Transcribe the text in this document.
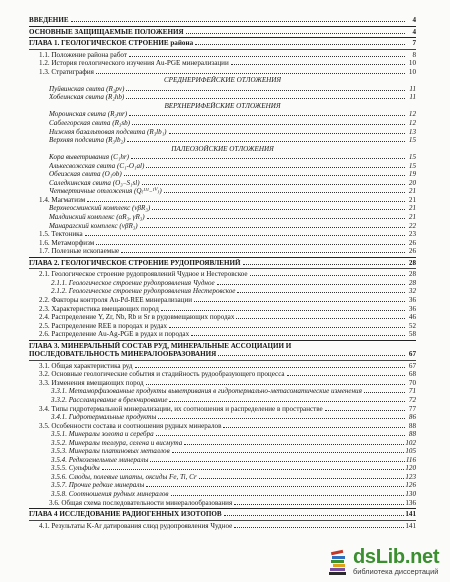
ВВЕДЕНИЕ	4
ОСНОВНЫЕ ЗАЩИЩАЕМЫЕ ПОЛОЖЕНИЯ	4
ГЛАВА 1. ГЕОЛОГИЧЕСКОЕ СТРОЕНИЕ района	7
1.1. Положение района работ	8
1.2. История геологического изучения Au-PGE минерализации	10
1.3. Стратиграфия	10
СРЕДНЕРИФЕЙСКИЕ ОТЛОЖЕНИЯ
Пуйвинская свита (R₂pv)	11
Хобеинская свита (R₂hb)	11
ВЕРХНЕРИФЕЙСКИЕ ОТЛОЖЕНИЯ
Мороинская свита (R₃mr)	12
Саблегорская свита (R₃sb)	12
Нижняя базальтовая подсвита (R₃lb₁)	13
Верхняя подсвита (R₃lb₂)	15
ПАЛЕОЗОЙСКИЕ ОТЛОЖЕНИЯ
Кора выветривания (C₁hr)	15
Алькесвожская свита (C₁-O₁al)	15
Обеизская свита (O₁ob)	19
Саледкинская свита (O₃₋S₁sl)	20
Четвертичные отложения (Q₍ᴵᴵᴵ₋ᴵⱽ₎)	21
1.4. Магматизм	21
Верхнеосминский комплекс (vβR₃)	21
Малдинский комплекс (αR₃, γR₃)	21
Манарагский комплекс (νβR₃)	22
1.5. Тектоника	23
1.6. Метаморфизм	26
1.7. Полезные ископаемые	26
ГЛАВА 2. ГЕОЛОГИЧЕСКОЕ СТРОЕНИЕ РУДОПРОЯВЛЕНИЙ	28
2.1. Геологическое строение рудопроявлений Чудное и Нестеровское	28
2.1.1. Геологическое строение рудопроявления Чудное	28
2.1.2. Геологическое строение рудопроявления Нестеровское	32
2.2. Факторы контроля Au-Pd-REE минерализации	36
2.3. Характеристика вмещающих пород	36
2.4. Распределение Y, Zr, Nb, Rb и Sr в рудовмещающих породах	46
2.5. Распределение REE в породах и рудах	52
2.6. Распределение Au-Ag-PGE в рудах и породах	58
ГЛАВА 3. МИНЕРАЛЬНЫЙ СОСТАВ РУД, МИНЕРАЛЬНЫЕ АССОЦИАЦИИ И
ПОСЛЕДОВАТЕЛЬНОСТЬ МИНЕРАЛООБРАЗОВАНИЯ	67
3.1. Общая характеристика руд	67
3.2. Основные геологические события и стадийность рудообразующего процесса	68
3.3. Изменения вмещающих пород	70
3.3.1. Метаморфизованные продукты выветривания в гидротермально-метасоматические изменения	71
3.3.2. Рассланцевание в брекчирование	72
3.4. Типы гидротермальной минерализации, их соотношения и распределение в пространстве	77
3.4.1. Гидротермальные продукты	86
3.5. Особенности состава и соотношения рудных минералов	88
3.5.1. Минералы золота и серебра	88
3.5.2. Минералы теллура, селена и висмута	102
3.5.3. Минералы платиновых металлов	105
3.5.4. Редкоземельные минералы	116
3.5.5. Сульфиды	120
3.5.6. Слюды, полевые шпаты, оксиды Fe, Ti, Cr	123
3.5.7. Прочие редкие минералы	126
3.5.8. Соотношения рудных минералов	130
3.6. Общая схема последовательности минералообразования	136
ГЛАВА 4 ИССЛЕДОВАНИЕ РАДИОГЕННЫХ ИЗОТОПОВ	141
4.1. Результаты K-Ar датирования слюд рудопроявления Чудное	141
dsLib.net
библиотека диссертаций
